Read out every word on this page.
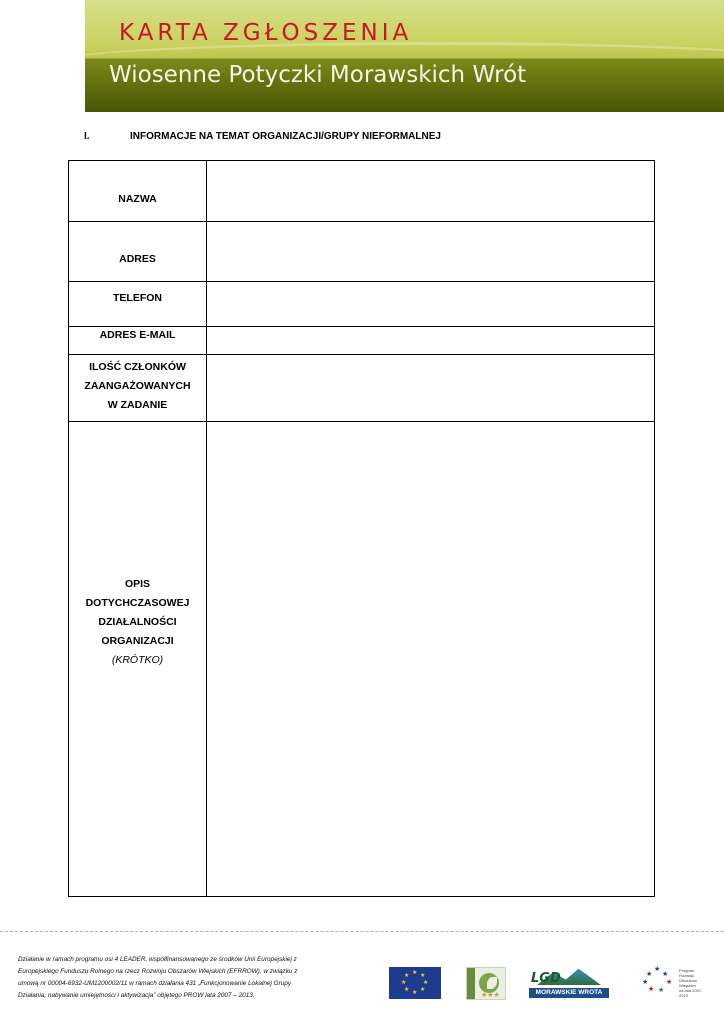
KARTA ZGŁOSZENIA
Wiosenne Potyczki Morawskich Wrót
I.	INFORMACJE NA TEMAT ORGANIZACJI/GRUPY NIEFORMALNEJ
NAZWA
ADRES
TELEFON
ADRES E-MAIL
ILOŚĆ CZŁONKÓW
ZAANGAŻOWANYCH
W ZADANIE
OPIS
DOTYCHCZASOWEJ
DZIAŁALNOŚCI
ORGANIZACJI
(KRÓTKO)
Działanie w ramach programu osi 4 LEADER, współfinansowanego ze środków Unii Europejskiej z
Europejskiego Funduszu Rolnego na rzecz Rozwoju Obszarów Wiejskich (EFRROW), w związku z
umową nr 00004-6932-UM1200002/11 w ramach działania 431 „Funkcjonowanie Lokalnej Grupy
Działania, nabywanie umiejętności i aktywizacja” objętego PROW lata 2007 – 2013.
★ ★
★
★
★
★
★
★
★★★
LGD
MORAWSKIE WROTA
★
★ ★
★	★
★ ★
Program
Rozwoju
Obszarów
Wiejskich
na lata 2007-2013
